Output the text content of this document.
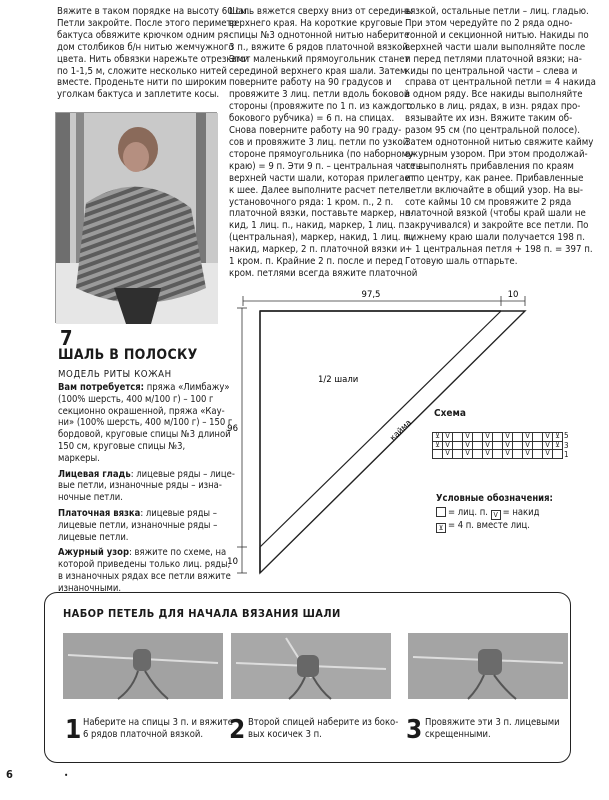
Вяжите в таком порядке на высоту 60 см.

Петли закройте. После этого периметр

бактуса обвяжите крючком одним ря-

дом столбиков б/н нитью жемчужного

цвета. Нить обвязки нарежьте отрезками

по 1-1,5 м, сложите несколько нитей

вместе. Проденьте нити по широким

уголкам бактуса и заплетите косы.

Шаль вяжется сверху вниз от середины

верхнего края. На короткие круговые

спицы №3 однотонной нитью наберите

3 п., вяжите 6 рядов платочной вязкой.

Этот маленький прямоугольник станет

серединой верхнего края шали. Затем

поверните работу на 90 градусов и

провяжите 3 лиц. петли вдоль боковой

стороны (провяжите по 1 п. из каждого

бокового рубчика) = 6 п. на спицах.

Снова поверните работу на 90 граду-

сов и провяжите 3 лиц. петли по узкой

стороне прямоугольника (по наборному

краю) = 9 п. Эти 9 п. – центральная часть

верхней части шали, которая прилегает

к шее. Далее выполните расчет петель

установочного ряда: 1 кром. п., 2 п.

платочной вязки, поставьте маркер, на-

кид, 1 лиц. п., накид, маркер, 1 лиц. п.

(центральная), маркер, накид, 1 лиц. п.,

накид, маркер, 2 п. платочной вязки и

1 кром. п. Крайние 2 п. после и перед

кром. петлями всегда вяжите платочной

вязкой, остальные петли – лиц. гладью.

При этом чередуйте по 2 ряда одно-

тонной и секционной нитью. Накиды по

верхней части шали выполняйте после

и перед петлями платочной вязки; на-

киды по центральной части – слева и

справа от центральной петли = 4 накида

в одном ряду. Все накиды выполняйте

только в лиц. рядах, в изн. рядах про-

вязывайте их изн. Вяжите таким об-

разом 95 см (по центральной полосе).

Затем однотонной нитью свяжите кайму

ажурным узором. При этом продолжай-

те выполнять прибавления по краям

и по центру, как ранее. Прибавленные

петли включайте в общий узор. На вы-

соте каймы 10 см провяжите 2 ряда

платочной вязкой (чтобы край шали не

закручивался) и закройте все петли. По

нижнему краю шали получается 198 п.

+ 1 центральная петля + 198 п. = 397 п.

Готовую шаль отпарьте.

7
ШАЛЬ В ПОЛОСКУ
МОДЕЛЬ РИТЫ КОЖАН
Вам потребуется: пряжа «Лимбажу»
(100% шерсть, 400 м/100 г) – 100 г
секционно окрашенной, пряжа «Кау-
ни» (100% шерсть, 400 м/100 г) – 150 г
бордовой, круговые спицы №3 длиной
150 см, круговые спицы №3,
маркеры.
Лицевая гладь: лицевые ряды – лице-
вые петли, изнаночные ряды – изна-
ночные петли.
Платочная вязка: лицевые ряды –
лицевые петли, изнаночные ряды –
лицевые петли.
Ажурный узор: вяжите по схеме, на
которой приведены только лиц. ряды,
в изнаночных рядах все петли вяжите
изнаночными.
97,5	10
96
10
1/2 шали
кайма
Схема
⊻	V		V		V		V		V		V	⊻
⊻	V		V		V		V		V		V	⊻
	V		V		V		V		V		V	
5
3
1
Условные обозначения:
= лиц. п. V = накид
⊻ = 4 п. вместе лиц.
НАБОР ПЕТЕЛЬ ДЛЯ НАЧАЛА ВЯЗАНИЯ ШАЛИ
1 Наберите на спицы 3 п. и вяжите
6 рядов платочной вязкой. 2 Второй спицей наберите из боко-
вых косичек 3 п.	3 Провяжите эти 3 п. лицевыми
скрещенными.
6	•
